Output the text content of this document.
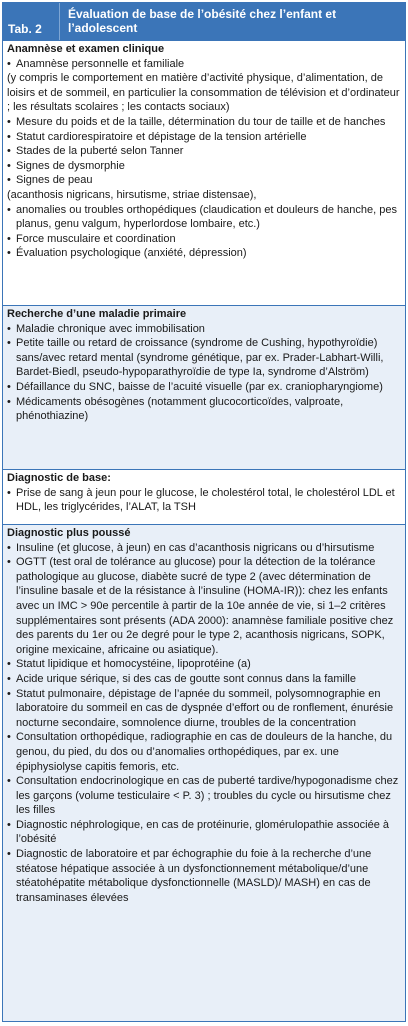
Tab. 2
Évaluation de base de l’obésité chez l’enfant et l’adolescent
Anamnèse et examen clinique
• Anamnèse personnelle et familiale
(y compris le comportement en matière d’activité physique, d’alimentation, de loisirs et de sommeil, en particulier la consommation de télévision et d’ordinateur ; les résultats scolaires ; les contacts sociaux)
• Mesure du poids et de la taille, détermination du tour de taille et de hanches
• Statut cardiorespiratoire et dépistage de la tension artérielle
• Stades de la puberté selon Tanner
• Signes de dysmorphie
• Signes de peau
(acanthosis nigricans, hirsutisme, striae distensae),
• anomalies ou troubles orthopédiques (claudication et douleurs de hanche, pes planus, genu valgum, hyperlordose lombaire, etc.)
• Force musculaire et coordination
• Évaluation psychologique (anxiété, dépression)
Recherche d’une maladie primaire
• Maladie chronique avec immobilisation
• Petite taille ou retard de croissance (syndrome de Cushing, hypothyroïdie) sans/avec retard mental (syndrome génétique, par ex. Prader-Labhart-Willi, Bardet-Biedl, pseudo-hypoparathyroïdie de type Ia, syndrome d’Alström)
• Défaillance du SNC, baisse de l’acuité visuelle (par ex. craniopharyngiome)
• Médicaments obésogènes (notamment glucocorticoïdes, valproate, phénothiazine)
Diagnostic de base:
• Prise de sang à jeun pour le glucose, le cholestérol total, le cholestérol LDL et HDL, les triglycérides, l’ALAT, la TSH
Diagnostic plus poussé
• Insuline (et glucose, à jeun) en cas d’acanthosis nigricans ou d’hirsutisme
• OGTT (test oral de tolérance au glucose) pour la détection de la tolérance pathologique au glucose, diabète sucré de type 2 (avec détermination de l’insuline basale et de la résistance à l’insuline (HOMA-IR)): chez les enfants avec un IMC > 90e percentile à partir de la 10e année de vie, si 1–2 critères supplémentaires sont présents (ADA 2000): anamnèse familiale positive chez des parents du 1er ou 2e degré pour le type 2, acanthosis nigricans, SOPK, origine mexicaine, africaine ou asiatique).
• Statut lipidique et homocystéine, lipoprotéine (a)
• Acide urique sérique, si des cas de goutte sont connus dans la famille
• Statut pulmonaire, dépistage de l’apnée du sommeil, polysomnographie en laboratoire du sommeil en cas de dyspnée d’effort ou de ronflement, énurésie nocturne secondaire, somnolence diurne, troubles de la concentration
• Consultation orthopédique, radiographie en cas de douleurs de la hanche, du genou, du pied, du dos ou d’anomalies orthopédiques, par ex. une épiphysiolyse capitis femoris, etc.
• Consultation endocrinologique en cas de puberté tardive/hypogonadisme chez les garçons (volume testiculaire < P. 3) ; troubles du cycle ou hirsutisme chez les filles
• Diagnostic néphrologique, en cas de protéinurie, glomérulopathie associée à l’obésité
• Diagnostic de laboratoire et par échographie du foie à la recherche d’une stéatose hépatique associée à un dysfonctionnement métabolique/d’une stéatohépatite métabolique dysfonctionnelle (MASLD)/ MASH) en cas de transaminases élevées
